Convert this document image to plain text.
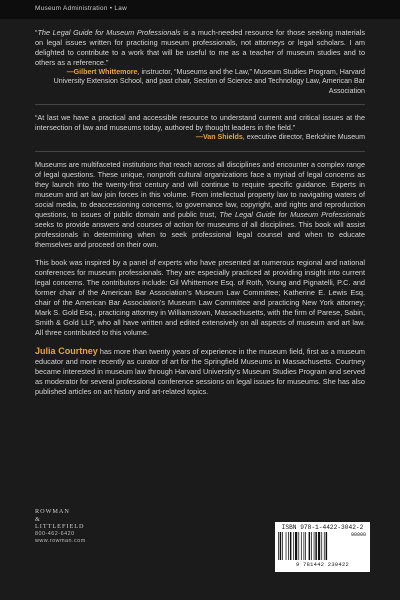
Museum Administration • Law

“The Legal Guide for Museum Professionals is a much-needed resource for those seeking materials on legal issues written for practicing museum professionals, not attorneys or legal scholars. I am delighted to contribute to a work that will be useful to me as a teacher of museum studies and to others as a reference.”

—Gilbert Whittemore, instructor, “Museums and the Law,” Museum Studies Program, Harvard University Extension School, and past chair, Section of Science and Technology Law, American Bar Association

“At last we have a practical and accessible resource to understand current and critical issues at the intersection of law and museums today, authored by thought leaders in the field.”

—Van Shields, executive director, Berkshire Museum

Museums are multifaceted institutions that reach across all disciplines and encounter a complex range of legal questions. These unique, nonprofit cultural organizations face a myriad of legal concerns as they launch into the twenty-first century and will continue to require specific guidance. Experts in museum and art law join forces in this volume. From intellectual property law to navigating waters of social media, to deaccessioning concerns, to governance law, copyright, and rights and reproduction questions, to issues of public domain and public trust, The Legal Guide for Museum Professionals seeks to provide answers and courses of action for museums of all disciplines. This book will assist professionals in determining when to seek professional legal counsel and when to educate themselves and proceed on their own.

This book was inspired by a panel of experts who have presented at numerous regional and national conferences for museum professionals. They are especially practiced at providing insight into current legal concerns. The contributors include: Gil Whittemore Esq. of Roth, Young and Pignatelli, P.C. and former chair of the American Bar Association’s Museum Law Committee; Katherine E. Lewis Esq. chair of the American Bar Association’s Museum Law Committee and practicing New York attorney; Mark S. Gold Esq., practicing attorney in Williamstown, Massachusetts, with the firm of Parese, Sabin, Smith & Gold LLP, who all have written and edited extensively on all aspects of museum and art law. All three contributed to this volume.

Julia Courtney has more than twenty years of experience in the museum field, first as a museum educator and more recently as curator of art for the Springfield Museums in Massachusetts. Courtney became interested in museum law through Harvard University’s Museum Studies Program and served as moderator for several professional conference sessions on legal issues for museums. She has also published articles on art history and art-related topics.

ROWMAN
&
LITTLEFIELD
800-462-6420
www.rowman.com
ISBN 978-1-4422-3042-2
90000
9 781442 230422
